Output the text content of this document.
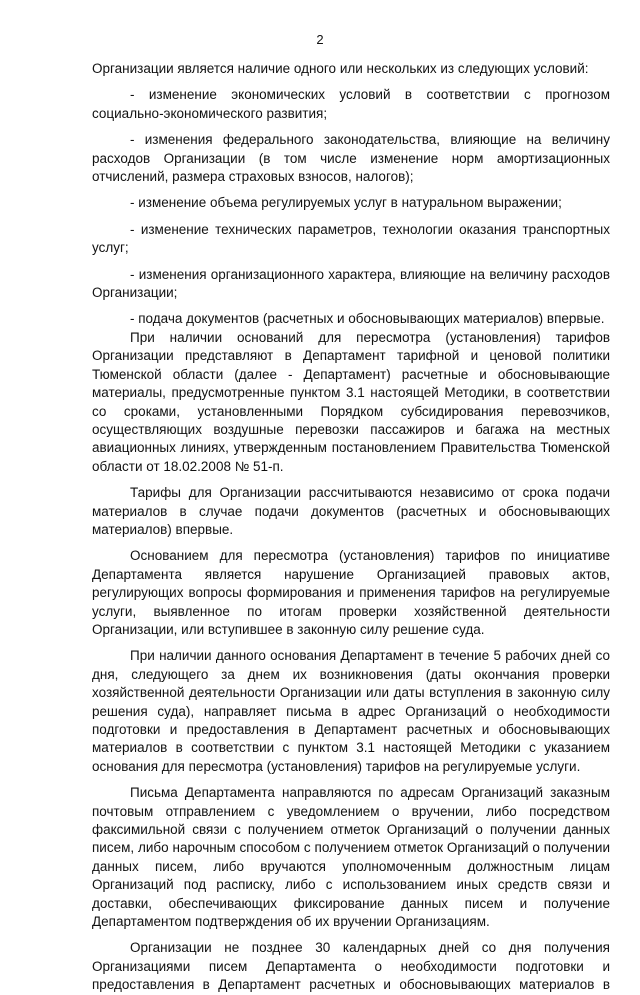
2

Организации является наличие одного или нескольких из следующих условий:

- изменение экономических условий в соответствии с прогнозом социально-экономического развития;

- изменения федерального законодательства, влияющие на величину расходов Организации (в том числе изменение норм амортизационных отчислений, размера страховых взносов, налогов);

- изменение объема регулируемых услуг в натуральном выражении;

- изменение технических параметров, технологии оказания транспортных услуг;

- изменения организационного характера, влияющие на величину расходов Организации;

- подача документов (расчетных и обосновывающих материалов) впервые.

При наличии оснований для пересмотра (установления) тарифов Организации представляют в Департамент тарифной и ценовой политики Тюменской области (далее - Департамент) расчетные и обосновывающие материалы, предусмотренные пунктом 3.1 настоящей Методики, в соответствии со сроками, установленными Порядком субсидирования перевозчиков, осуществляющих воздушные перевозки пассажиров и багажа на местных авиационных линиях, утвержденным постановлением Правительства Тюменской области от 18.02.2008 № 51-п.

Тарифы для Организации рассчитываются независимо от срока подачи материалов в случае подачи документов (расчетных и обосновывающих материалов) впервые.

Основанием для пересмотра (установления) тарифов по инициативе Департамента является нарушение Организацией правовых актов, регулирующих вопросы формирования и применения тарифов на регулируемые услуги, выявленное по итогам проверки хозяйственной деятельности Организации, или вступившее в законную силу решение суда.

При наличии данного основания Департамент в течение 5 рабочих дней со дня, следующего за днем их возникновения (даты окончания проверки хозяйственной деятельности Организации или даты вступления в законную силу решения суда), направляет письма в адрес Организаций о необходимости подготовки и предоставления в Департамент расчетных и обосновывающих материалов в соответствии с пунктом 3.1 настоящей Методики с указанием основания для пересмотра (установления) тарифов на регулируемые услуги.

Письма Департамента направляются по адресам Организаций заказным почтовым отправлением с уведомлением о вручении, либо посредством факсимильной связи с получением отметок Организаций о получении данных писем, либо нарочным способом с получением отметок Организаций о получении данных писем, либо вручаются уполномоченным должностным лицам Организаций под расписку, либо с использованием иных средств связи и доставки, обеспечивающих фиксирование данных писем и получение Департаментом подтверждения об их вручении Организациям.

Организации не позднее 30 календарных дней со дня получения Организациями писем Департамента о необходимости подготовки и предоставления в Департамент расчетных и обосновывающих материалов в
